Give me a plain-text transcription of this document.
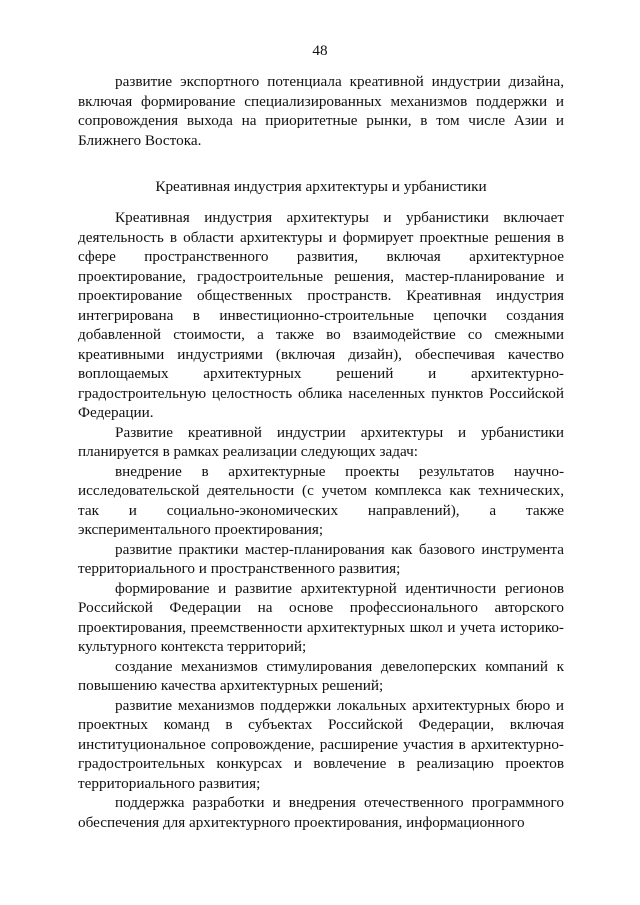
48

развитие экспортного потенциала креативной индустрии дизайна, включая формирование специализированных механизмов поддержки и сопровождения выхода на приоритетные рынки, в том числе Азии и Ближнего Востока.

Креативная индустрия архитектуры и урбанистики

Креативная индустрия архитектуры и урбанистики включает деятельность в области архитектуры и формирует проектные решения в сфере пространственного развития, включая архитектурное проектирование, градостроительные решения, мастер-планирование и проектирование общественных пространств. Креативная индустрия интегрирована в инвестиционно-строительные цепочки создания добавленной стоимости, а также во взаимодействие со смежными креативными индустриями (включая дизайн), обеспечивая качество воплощаемых архитектурных решений и архитектурно-градостроительную целостность облика населенных пунктов Российской Федерации.

Развитие креативной индустрии архитектуры и урбанистики планируется в рамках реализации следующих задач:

внедрение в архитектурные проекты результатов научно-исследовательской деятельности (с учетом комплекса как технических, так и социально-экономических направлений), а также экспериментального проектирования;

развитие практики мастер-планирования как базового инструмента территориального и пространственного развития;

формирование и развитие архитектурной идентичности регионов Российской Федерации на основе профессионального авторского проектирования, преемственности архитектурных школ и учета историко-культурного контекста территорий;

создание механизмов стимулирования девелоперских компаний к повышению качества архитектурных решений;

развитие механизмов поддержки локальных архитектурных бюро и проектных команд в субъектах Российской Федерации, включая институциональное сопровождение, расширение участия в архитектурно-градостроительных конкурсах и вовлечение в реализацию проектов территориального развития;

поддержка разработки и внедрения отечественного программного обеспечения для архитектурного проектирования, информационного
